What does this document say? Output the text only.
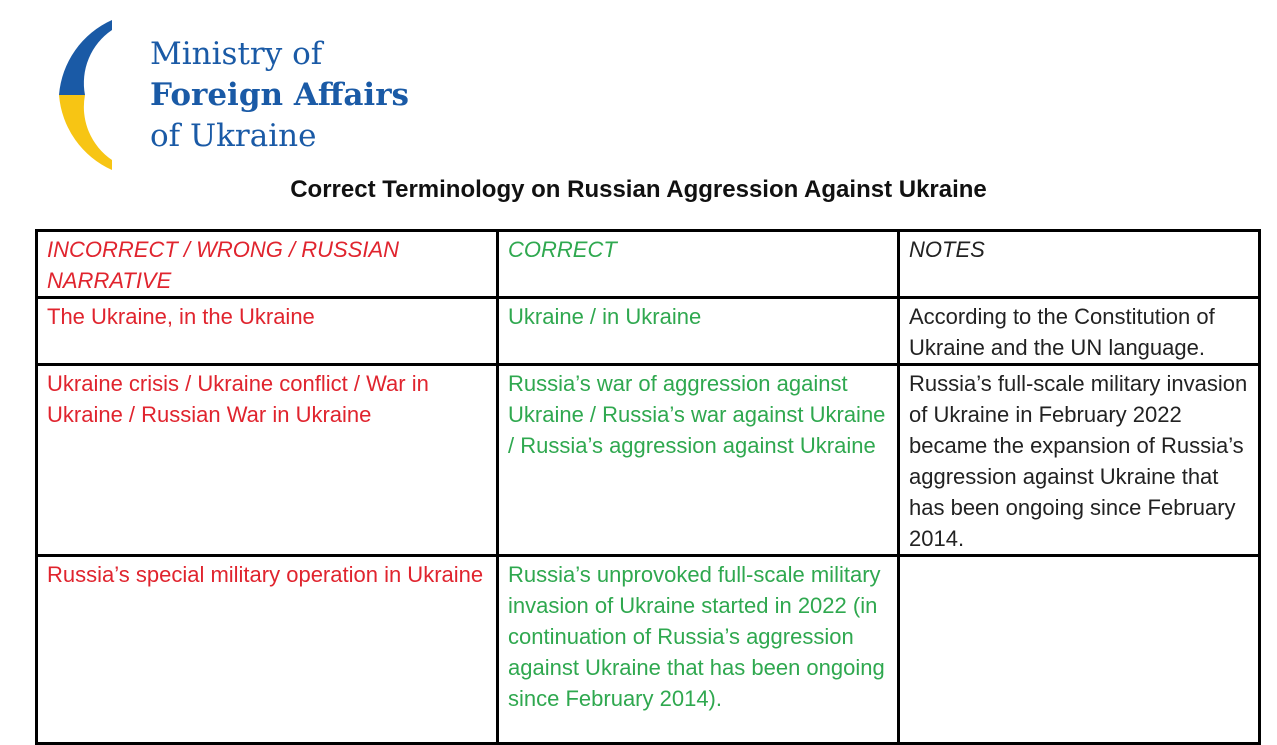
Ministry of
Foreign Affairs
of Ukraine
Correct Terminology on Russian Aggression Against Ukraine
INCORRECT / WRONG / RUSSIAN NARRATIVE	CORRECT	NOTES
The Ukraine, in the Ukraine	Ukraine / in Ukraine	According to the Constitution of Ukraine and the UN language.
Ukraine crisis / Ukraine conflict / War in Ukraine / Russian War in Ukraine	Russia’s war of aggression against Ukraine / Russia’s war against Ukraine / Russia’s aggression against Ukraine	Russia’s full-scale military invasion of Ukraine in February 2022 became the expansion of Russia’s aggression against Ukraine that has been ongoing since February 2014.
Russia’s special military operation in Ukraine	Russia’s unprovoked full-scale military invasion of Ukraine started in 2022 (in continuation of Russia’s aggression against Ukraine that has been ongoing since February 2014).	
